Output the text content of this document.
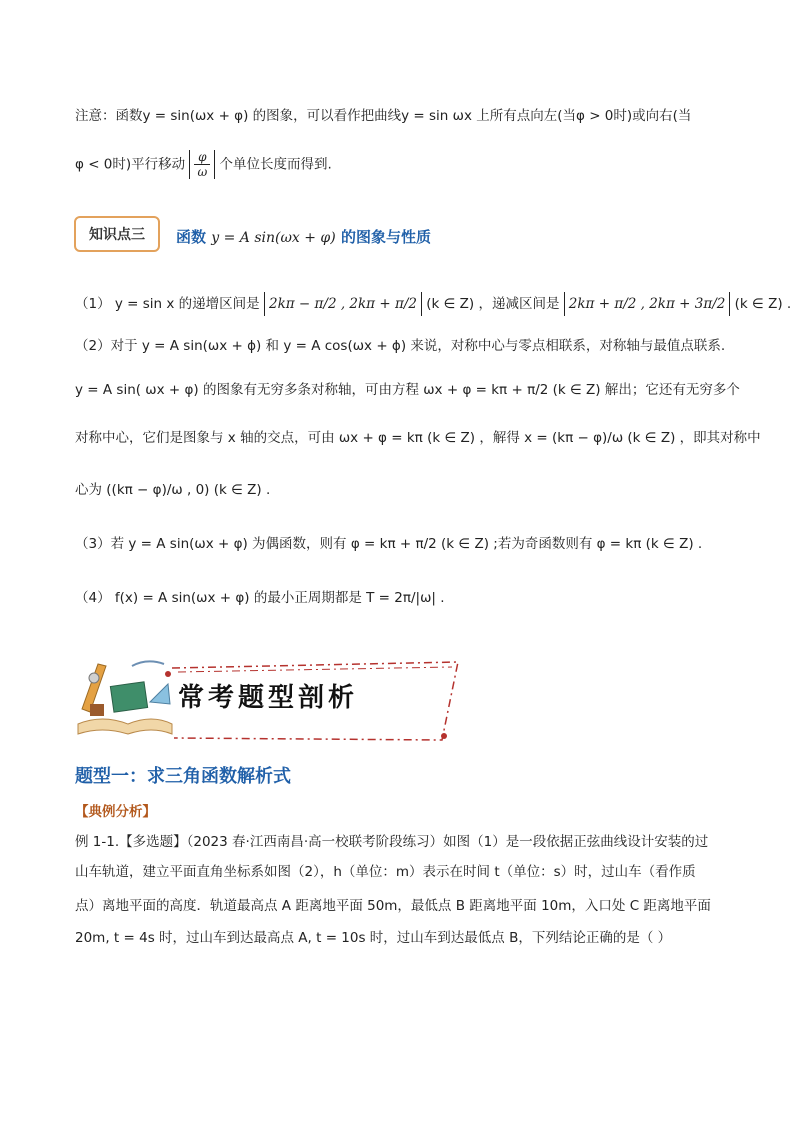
注意：函数y = sin(ωx + φ) 的图象，可以看作把曲线y = sin ωx 上所有点向左(当φ > 0时)或向右(当
φ < 0时)平行移动 $\frac{\varphi}{\omega}$ 个单位长度而得到.
知识点三	函数 y = A sin(ωx + φ) 的图象与性质
（1） y = sin x 的递增区间是 2kπ − π/2 , 2kπ + π/2 (k ∈ Z) ，递减区间是 2kπ + π/2 , 2kπ + 3π/2 (k ∈ Z) .
（2）对于 y = A sin(ωx + ϕ) 和 y = A cos(ωx + ϕ) 来说，对称中心与零点相联系，对称轴与最值点联系.
y = A sin( ωx + φ) 的图象有无穷多条对称轴，可由方程 ωx + φ = kπ + π/2 (k ∈ Z) 解出；它还有无穷多个
对称中心，它们是图象与 x 轴的交点，可由 ωx + φ = kπ (k ∈ Z) ，解得 x = (kπ − φ)/ω (k ∈ Z) ，即其对称中
心为 ((kπ − φ)/ω , 0) (k ∈ Z) .
（3）若 y = A sin(ωx + φ) 为偶函数，则有 φ = kπ + π/2 (k ∈ Z) ;若为奇函数则有 φ = kπ (k ∈ Z) .
（4） f(x) = A sin(ωx + φ) 的最小正周期都是 T = 2π/|ω| .
常考题型剖析
题型一：求三角函数解析式
【典例分析】
例 1-1.【多选题】（2023 春·江西南昌·高一校联考阶段练习）如图（1）是一段依据正弦曲线设计安装的过
山车轨道，建立平面直角坐标系如图（2），h（单位：m）表示在时间 t（单位：s）时，过山车（看作质
点）离地平面的高度．轨道最高点 A 距离地平面 50m，最低点 B 距离地平面 10m，入口处 C 距离地平面
20m, t = 4s 时，过山车到达最高点 A, t = 10s 时，过山车到达最低点 B，下列结论正确的是（ ）
